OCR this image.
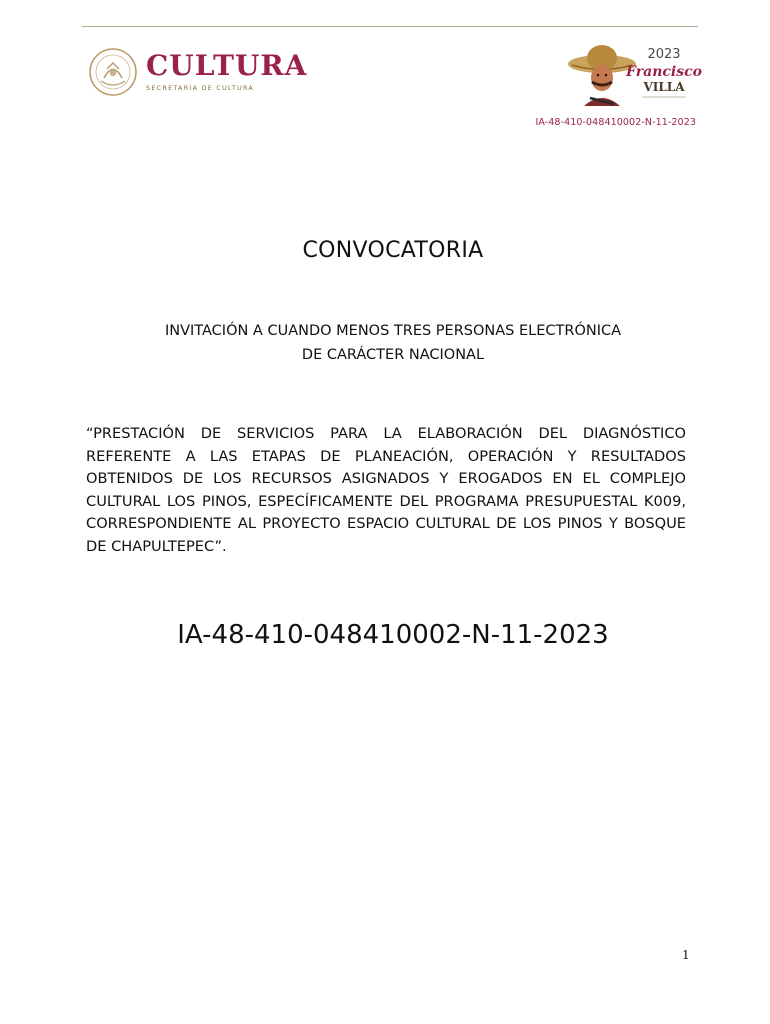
CULTURA
SECRETARÍA DE CULTURA
2023
Francisco
VILLA
IA-48-410-048410002-N-11-2023
CONVOCATORIA
INVITACIÓN A CUANDO MENOS TRES PERSONAS ELECTRÓNICA
DE CARÁCTER NACIONAL
“PRESTACIÓN DE SERVICIOS PARA LA ELABORACIÓN DEL DIAGNÓSTICO REFERENTE A LAS ETAPAS DE PLANEACIÓN, OPERACIÓN Y RESULTADOS OBTENIDOS DE LOS RECURSOS ASIGNADOS Y EROGADOS EN EL COMPLEJO CULTURAL LOS PINOS, ESPECÍFICAMENTE DEL PROGRAMA PRESUPUESTAL K009, CORRESPONDIENTE AL PROYECTO ESPACIO CULTURAL DE LOS PINOS Y BOSQUE DE CHAPULTEPEC”.
IA-48-410-048410002-N-11-2023
1
